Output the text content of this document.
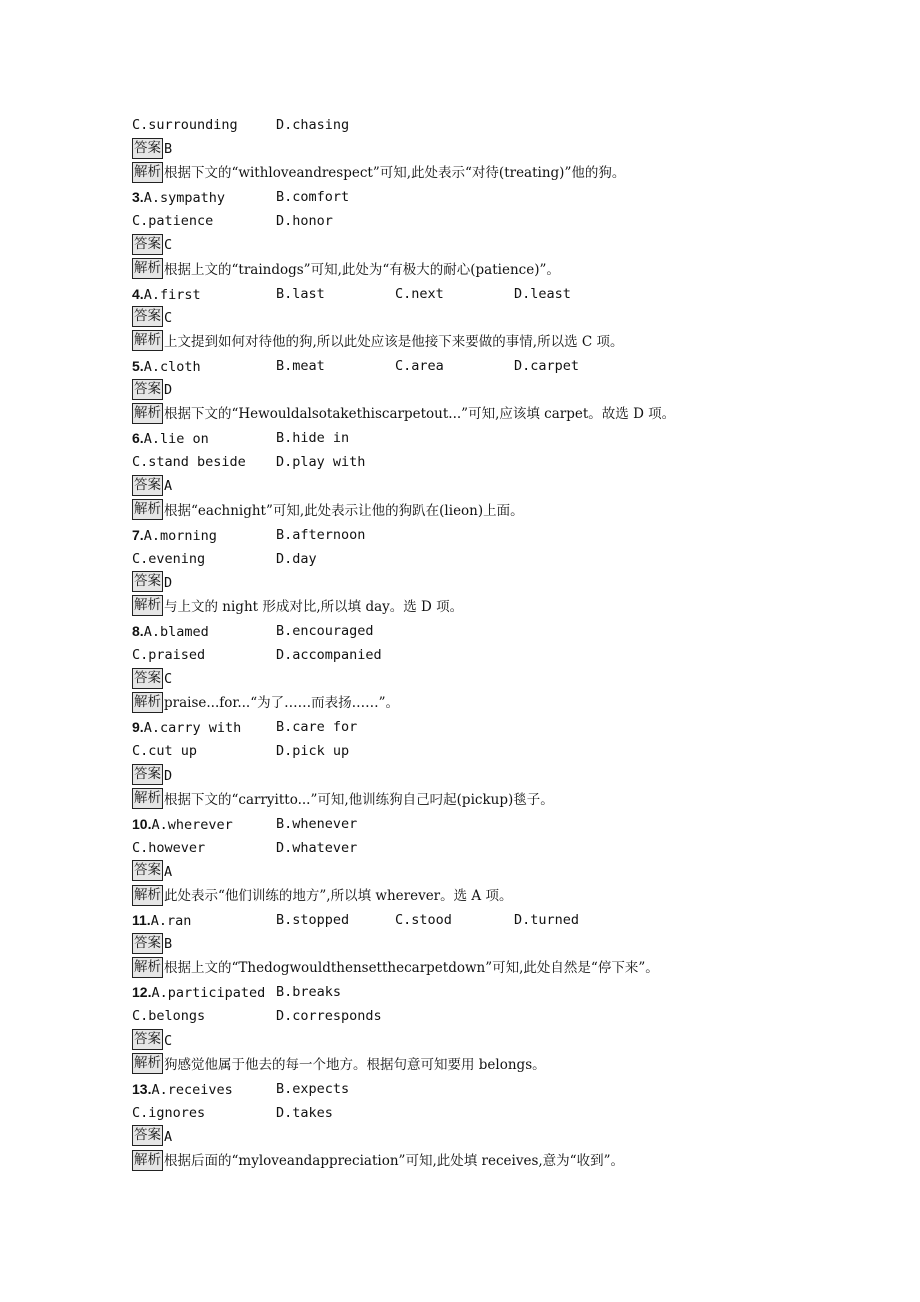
C.surrounding	D.chasing
答案 B
解析 根据下文的“withloveandrespect”可知,此处表示“对待(treating)”他的狗。
3.A.sympathy	B.comfort
C.patience	D.honor
答案 C
解析 根据上文的“traindogs”可知,此处为“有极大的耐心(patience)”。
4.A.first	B.last	C.next	D.least
答案 C
解析 上文提到如何对待他的狗,所以此处应该是他接下来要做的事情,所以选 C 项。
5.A.cloth	B.meat	C.area	D.carpet
答案 D
解析 根据下文的“Hewouldalsotakethiscarpetout...”可知,应该填 carpet。故选 D 项。
6.A.lie on	B.hide in
C.stand beside D.play with
答案 A
解析 根据“eachnight”可知,此处表示让他的狗趴在(lieon)上面。
7.A.morning	B.afternoon
C.evening	D.day
答案 D
解析 与上文的 night 形成对比,所以填 day。选 D 项。
8.A.blamed	B.encouraged
C.praised	D.accompanied
答案 C
解析 praise...for...“为了……而表扬……”。
9.A.carry with	B.care for
C.cut up	D.pick up
答案 D
解析 根据下文的“carryitto...”可知,他训练狗自己叼起(pickup)毯子。
10.A.wherever	B.whenever
C.however	D.whatever
答案 A
解析 此处表示“他们训练的地方”,所以填 wherever。选 A 项。
11.A.ran	B.stopped	C.stood	D.turned
答案 B
解析 根据上文的“Thedogwouldthensetthecarpetdown”可知,此处自然是“停下来”。
12.A.participated B.breaks
C.belongs	D.corresponds
答案 C
解析 狗感觉他属于他去的每一个地方。根据句意可知要用 belongs。
13.A.receives	B.expects
C.ignores	D.takes
答案 A
解析 根据后面的“myloveandappreciation”可知,此处填 receives,意为“收到”。
